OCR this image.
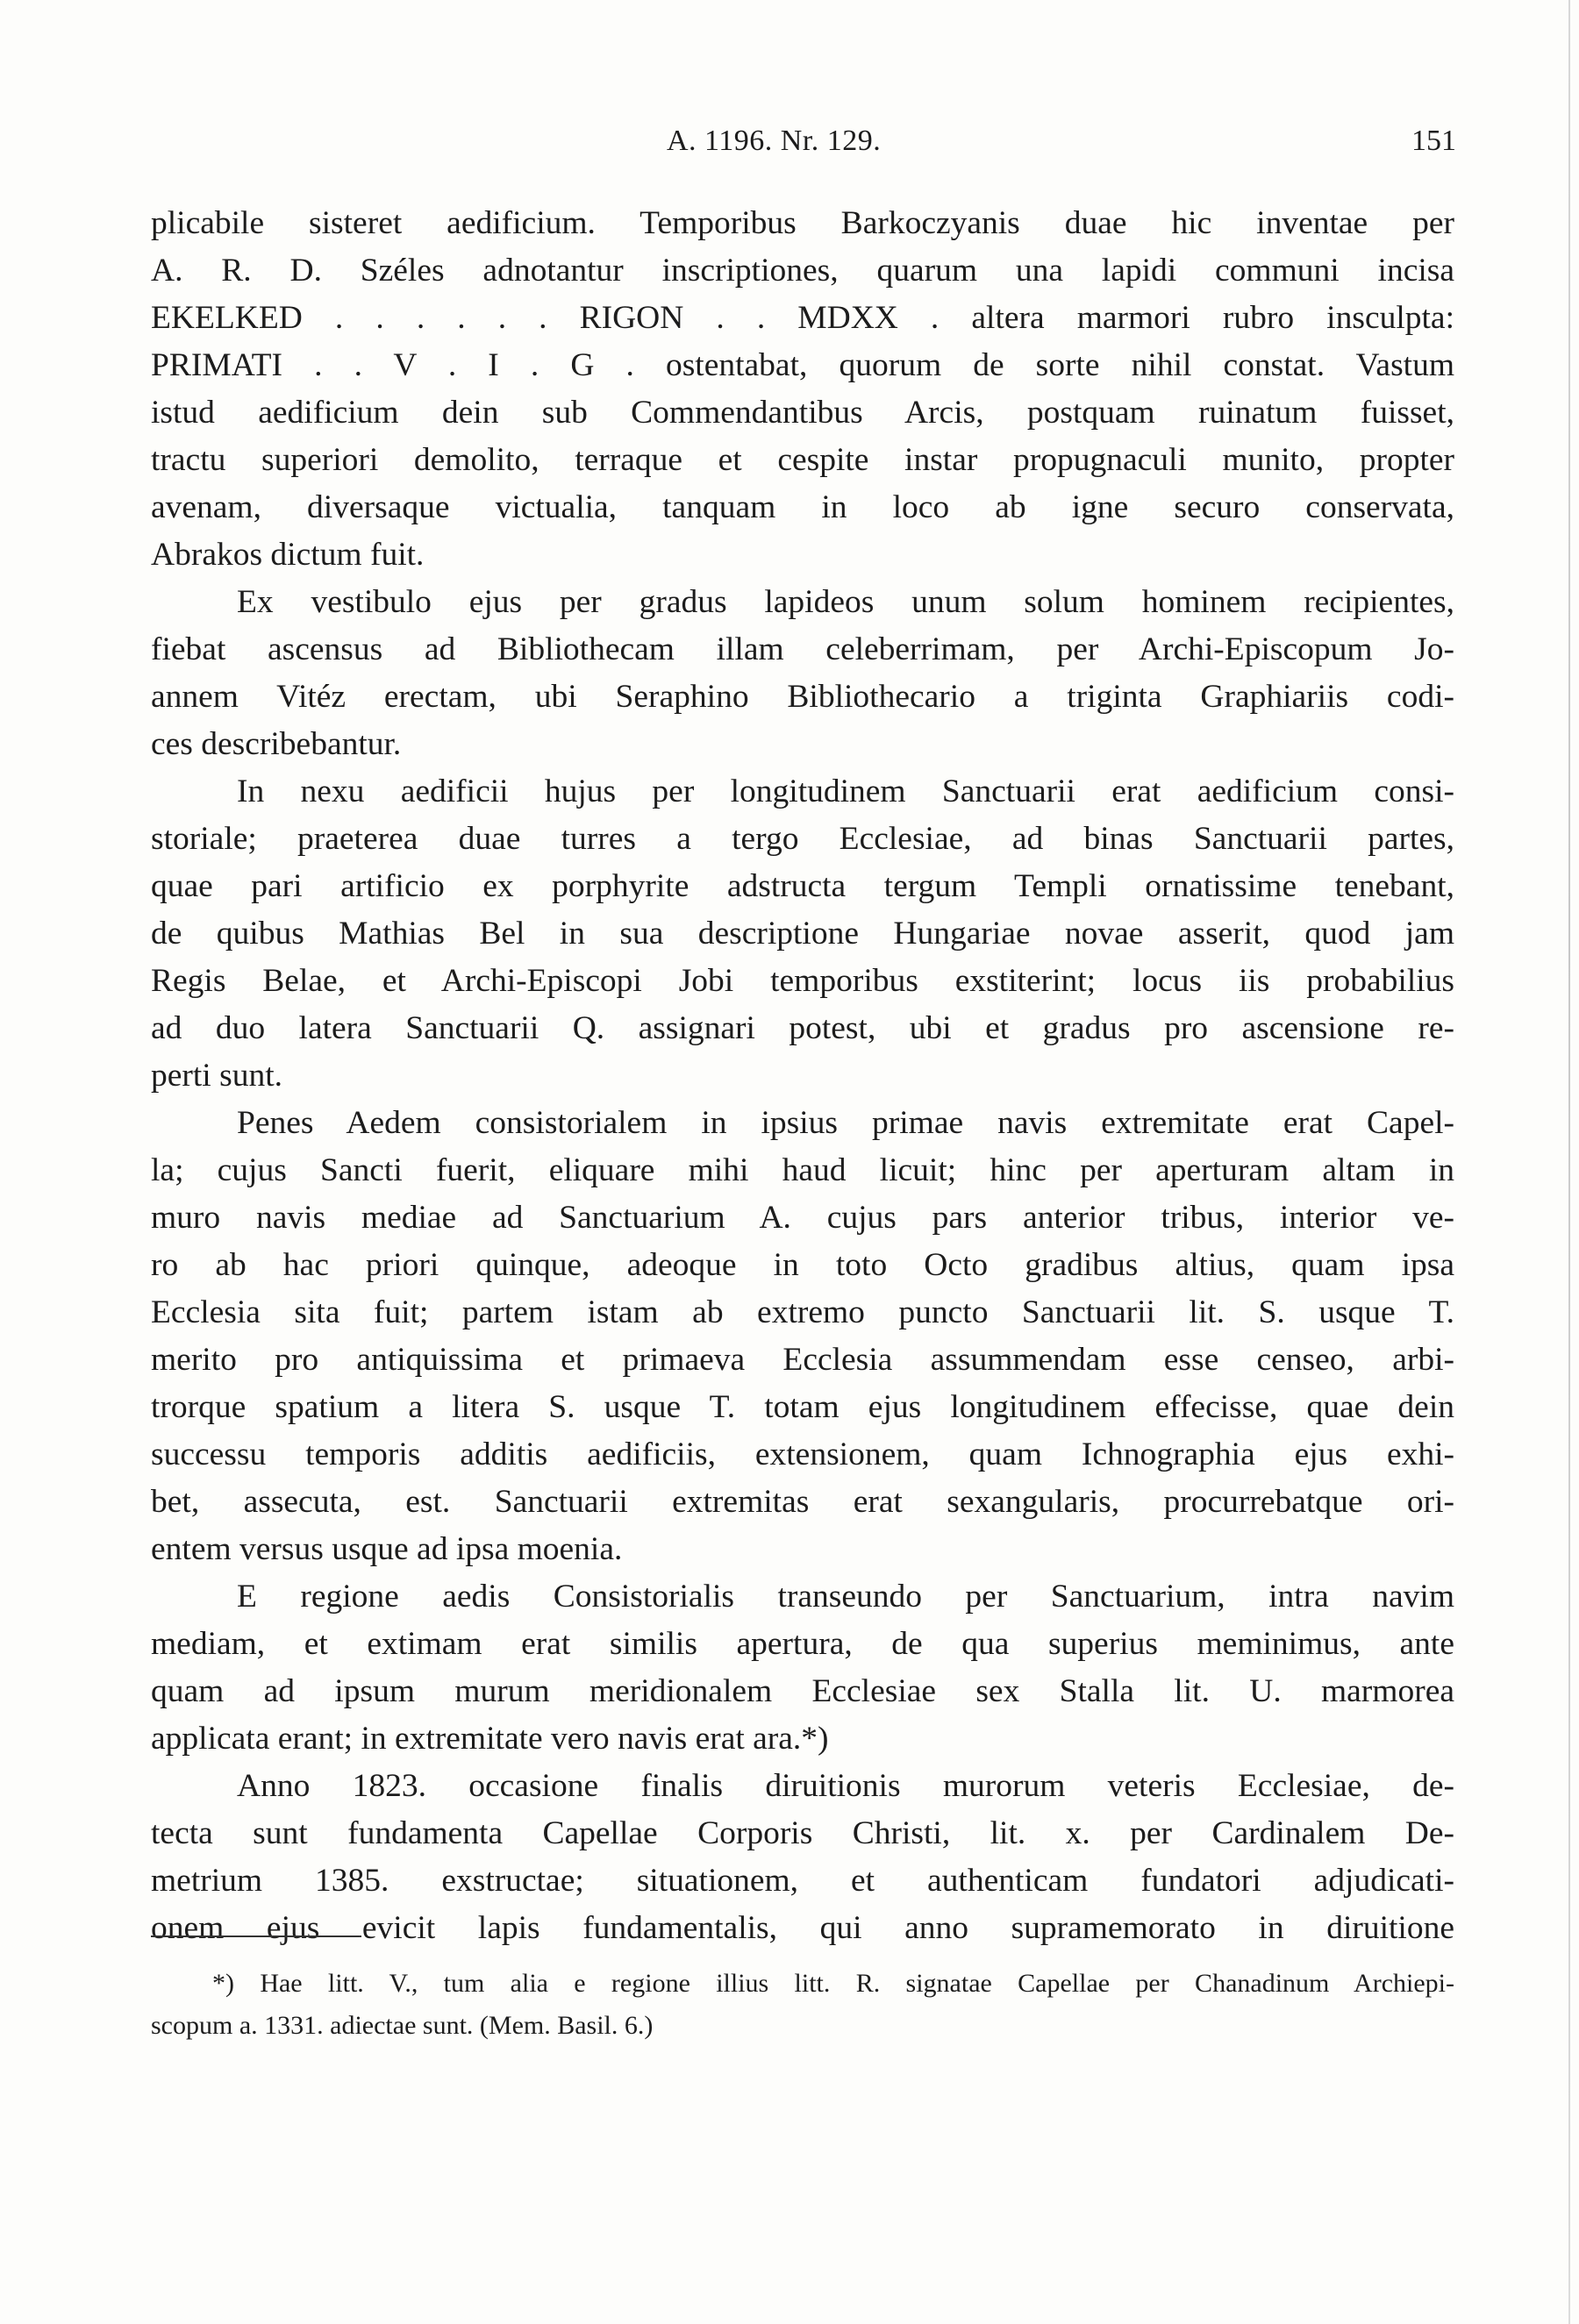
A. 1196. Nr. 129.	151
plicabile sisteret aedificium. Temporibus Barkoczyanis duae hic inventae per
A. R. D. Széles adnotantur inscriptiones, quarum una lapidi communi incisa
EKELKED . . . . . . RIGON . . MDXX . altera marmori rubro insculpta:
PRIMATI . . V . I . G . ostentabat, quorum de sorte nihil constat. Vastum
istud aedificium dein sub Commendantibus Arcis, postquam ruinatum fuisset,
tractu superiori demolito, terraque et cespite instar propugnaculi munito, propter
avenam, diversaque victualia, tanquam in loco ab igne securo conservata,
Abrakos dictum fuit.
Ex vestibulo ejus per gradus lapideos unum solum hominem recipientes,
fiebat ascensus ad Bibliothecam illam celeberrimam, per Archi-Episcopum Jo-
annem Vitéz erectam, ubi Seraphino Bibliothecario a triginta Graphiariis codi-
ces describebantur.
In nexu aedificii hujus per longitudinem Sanctuarii erat aedificium consi-
storiale; praeterea duae turres a tergo Ecclesiae, ad binas Sanctuarii partes,
quae pari artificio ex porphyrite adstructa tergum Templi ornatissime tenebant,
de quibus Mathias Bel in sua descriptione Hungariae novae asserit, quod jam
Regis Belae, et Archi-Episcopi Jobi temporibus exstiterint; locus iis probabilius
ad duo latera Sanctuarii Q. assignari potest, ubi et gradus pro ascensione re-
perti sunt.
Penes Aedem consistorialem in ipsius primae navis extremitate erat Capel-
la; cujus Sancti fuerit, eliquare mihi haud licuit; hinc per aperturam altam in
muro navis mediae ad Sanctuarium A. cujus pars anterior tribus, interior ve-
ro ab hac priori quinque, adeoque in toto Octo gradibus altius, quam ipsa
Ecclesia sita fuit; partem istam ab extremo puncto Sanctuarii lit. S. usque T.
merito pro antiquissima et primaeva Ecclesia assummendam esse censeo, arbi-
trorque spatium a litera S. usque T. totam ejus longitudinem effecisse, quae dein
successu temporis additis aedificiis, extensionem, quam Ichnographia ejus exhi-
bet, assecuta, est. Sanctuarii extremitas erat sexangularis, procurrebatque ori-
entem versus usque ad ipsa moenia.
E regione aedis Consistorialis transeundo per Sanctuarium, intra navim
mediam, et extimam erat similis apertura, de qua superius meminimus, ante
quam ad ipsum murum meridionalem Ecclesiae sex Stalla lit. U. marmorea
applicata erant; in extremitate vero navis erat ara.*)
Anno 1823. occasione finalis diruitionis murorum veteris Ecclesiae, de-
tecta sunt fundamenta Capellae Corporis Christi, lit. x. per Cardinalem De-
metrium 1385. exstructae; situationem, et authenticam fundatori adjudicati-
onem ejus evicit lapis fundamentalis, qui anno supramemorato in diruitione
*) Hae litt. V., tum alia e regione illius litt. R. signatae Capellae per Chanadinum Archiepi-
scopum a. 1331. adiectae sunt. (Mem. Basil. 6.)
